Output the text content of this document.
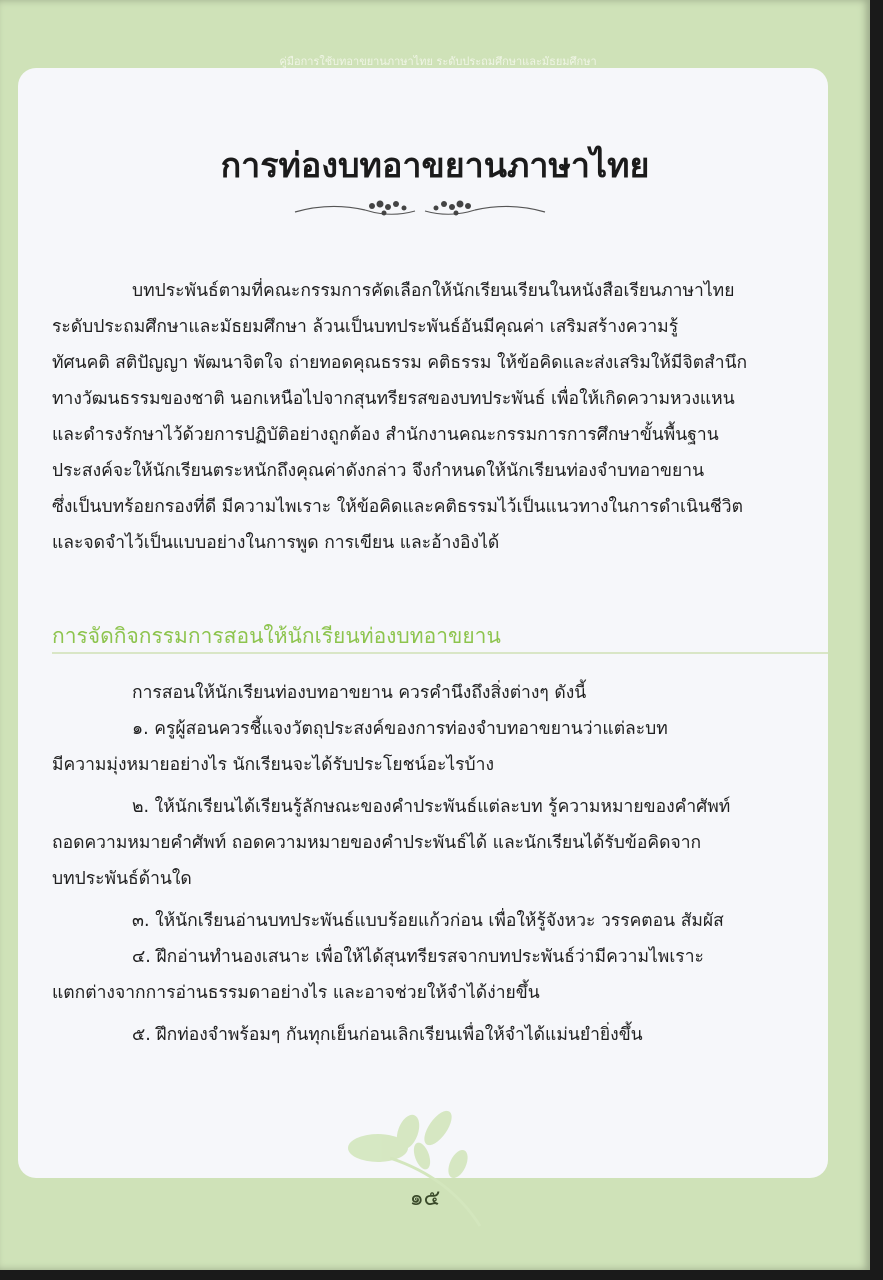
คู่มือการใช้บทอาขยานภาษาไทย ระดับประถมศึกษาและมัธยมศึกษา
การท่องบทอาขยานภาษาไทย
บทประพันธ์ตามที่คณะกรรมการคัดเลือกให้นักเรียนเรียนในหนังสือเรียนภาษาไทย
ระดับประถมศึกษาและมัธยมศึกษา ล้วนเป็นบทประพันธ์อันมีคุณค่า เสริมสร้างความรู้
ทัศนคติ สติปัญญา พัฒนาจิตใจ ถ่ายทอดคุณธรรม คติธรรม ให้ข้อคิดและส่งเสริมให้มีจิตสำนึก
ทางวัฒนธรรมของชาติ นอกเหนือไปจากสุนทรียรสของบทประพันธ์ เพื่อให้เกิดความหวงแหน
และดำรงรักษาไว้ด้วยการปฏิบัติอย่างถูกต้อง สำนักงานคณะกรรมการการศึกษาขั้นพื้นฐาน
ประสงค์จะให้นักเรียนตระหนักถึงคุณค่าดังกล่าว จึงกำหนดให้นักเรียนท่องจำบทอาขยาน
ซึ่งเป็นบทร้อยกรองที่ดี มีความไพเราะ ให้ข้อคิดและคติธรรมไว้เป็นแนวทางในการดำเนินชีวิต
และจดจำไว้เป็นแบบอย่างในการพูด การเขียน และอ้างอิงได้
การจัดกิจกรรมการสอนให้นักเรียนท่องบทอาขยาน
การสอนให้นักเรียนท่องบทอาขยาน ควรคำนึงถึงสิ่งต่างๆ ดังนี้
๑. ครูผู้สอนควรชี้แจงวัตถุประสงค์ของการท่องจำบทอาขยานว่าแต่ละบท
มีความมุ่งหมายอย่างไร นักเรียนจะได้รับประโยชน์อะไรบ้าง
๒. ให้นักเรียนได้เรียนรู้ลักษณะของคำประพันธ์แต่ละบท รู้ความหมายของคำศัพท์
ถอดความหมายคำศัพท์ ถอดความหมายของคำประพันธ์ได้ และนักเรียนได้รับข้อคิดจาก
บทประพันธ์ด้านใด
๓. ให้นักเรียนอ่านบทประพันธ์แบบร้อยแก้วก่อน เพื่อให้รู้จังหวะ วรรคตอน สัมผัส
๔. ฝึกอ่านทำนองเสนาะ เพื่อให้ได้สุนทรียรสจากบทประพันธ์ว่ามีความไพเราะ
แตกต่างจากการอ่านธรรมดาอย่างไร และอาจช่วยให้จำได้ง่ายขึ้น
๕. ฝึกท่องจำพร้อมๆ กันทุกเย็นก่อนเลิกเรียนเพื่อให้จำได้แม่นยำยิ่งขึ้น
๑๕
